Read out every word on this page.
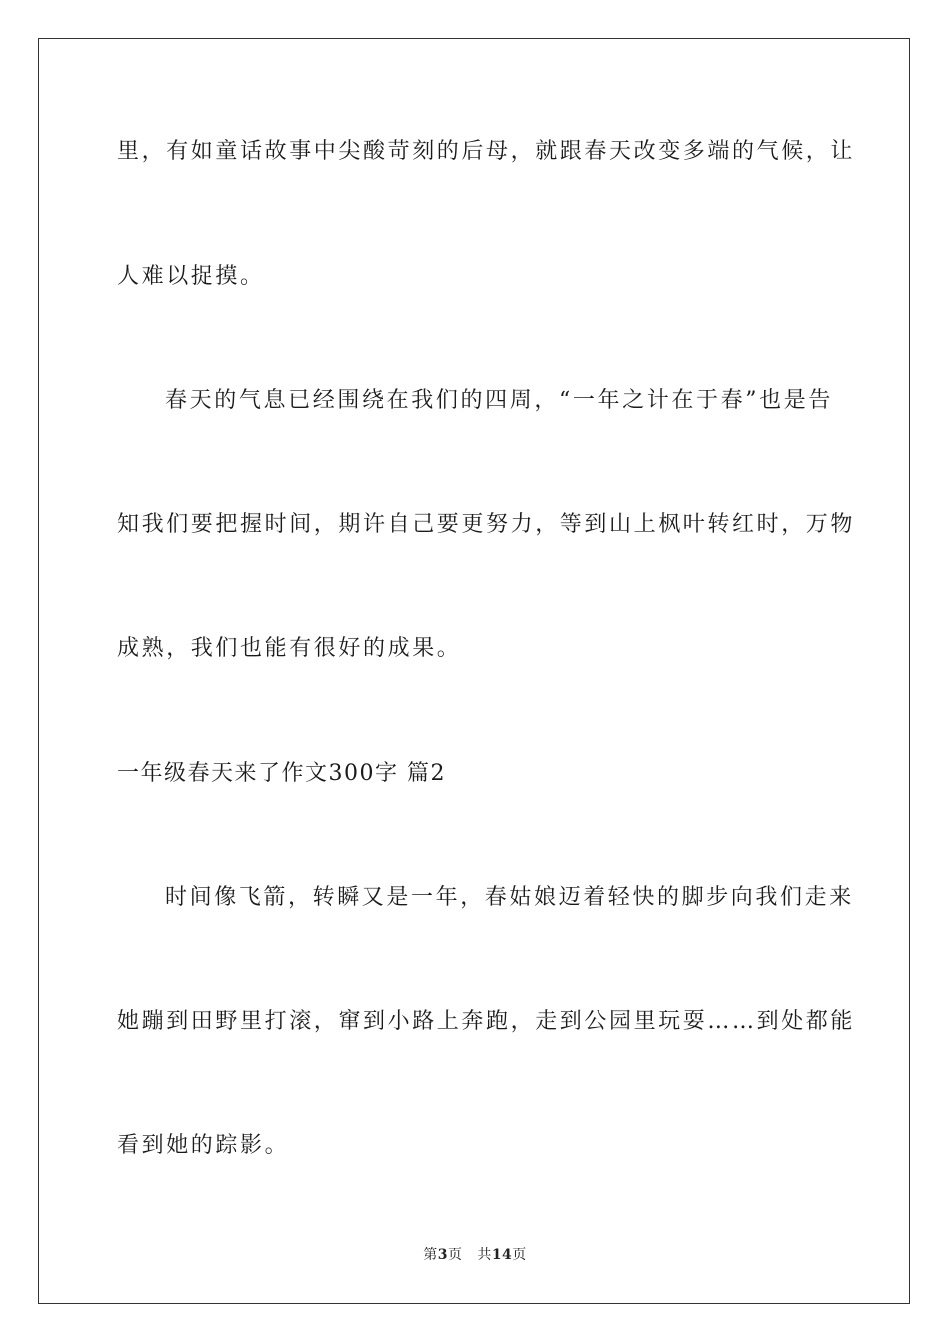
里，有如童话故事中尖酸苛刻的后母，就跟春天改变多端的气候，让
人难以捉摸。
春天的气息已经围绕在我们的四周，“一年之计在于春”也是告
知我们要把握时间，期许自己要更努力，等到山上枫叶转红时，万物
成熟，我们也能有很好的成果。
一年级春天来了作文300字 篇2
时间像飞箭，转瞬又是一年，春姑娘迈着轻快的脚步向我们走来
她蹦到田野里打滚，窜到小路上奔跑，走到公园里玩耍……到处都能
看到她的踪影。
第3页 共14页
